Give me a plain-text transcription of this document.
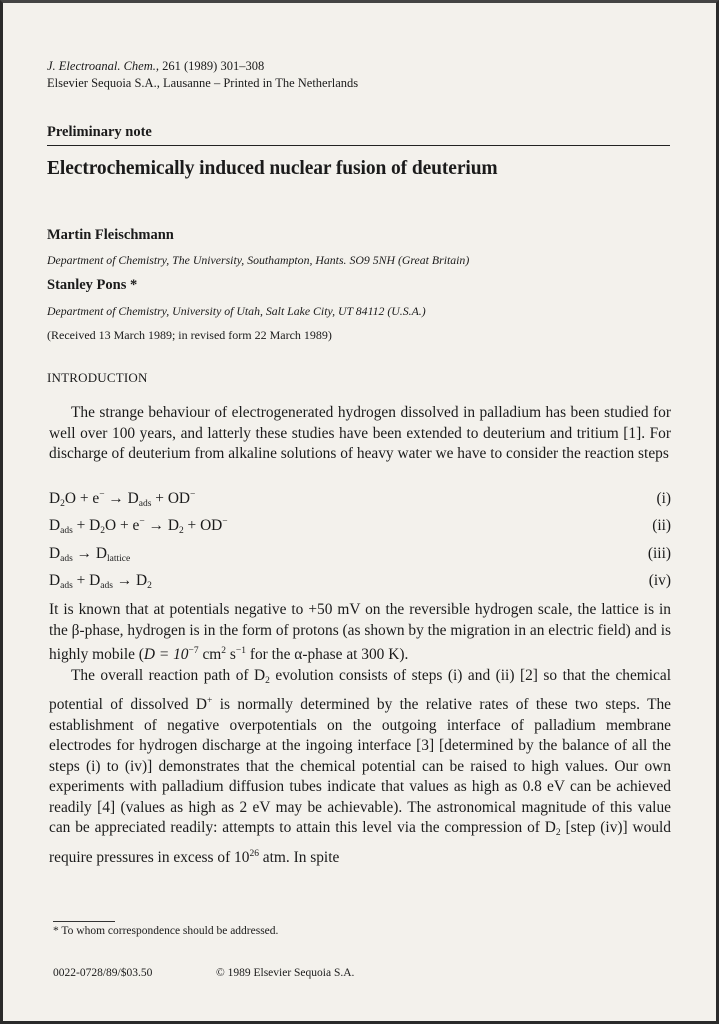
J. Electroanal. Chem., 261 (1989) 301–308
Elsevier Sequoia S.A., Lausanne – Printed in The Netherlands
Preliminary note
Electrochemically induced nuclear fusion of deuterium
Martin Fleischmann
Department of Chemistry, The University, Southampton, Hants. SO9 5NH (Great Britain)
Stanley Pons *
Department of Chemistry, University of Utah, Salt Lake City, UT 84112 (U.S.A.)
(Received 13 March 1989; in revised form 22 March 1989)
INTRODUCTION

The strange behaviour of electrogenerated hydrogen dissolved in palladium has been studied for well over 100 years, and latterly these studies have been extended to deuterium and tritium [1]. For discharge of deuterium from alkaline solutions of heavy water we have to consider the reaction steps

$D_2O + e^- \to D_{ads} + OD^-$	(i)
$D_{ads} + D_2O + e^- \to D_2 + OD^-$	(ii)
$D_{ads} \to D_{lattice}$	(iii)
$D_{ads} + D_{ads} \to D_2$	(iv)

It is known that at potentials negative to +50 mV on the reversible hydrogen scale, the lattice is in the β-phase, hydrogen is in the form of protons (as shown by the migration in an electric field) and is highly mobile ($D = 10^{-7}$ $cm^2$ $s^{-1}$ for the α-phase at 300 K).

The overall reaction path of $D_2$ evolution consists of steps (i) and (ii) [2] so that the chemical potential of dissolved D+ is normally determined by the relative rates of these two steps. The establishment of negative overpotentials on the outgoing interface of palladium membrane electrodes for hydrogen discharge at the ingoing interface [3] [determined by the balance of all the steps (i) to (iv)] demonstrates that the chemical potential can be raised to high values. Our own experiments with palladium diffusion tubes indicate that values as high as 0.8 eV can be achieved readily [4] (values as high as 2 eV may be achievable). The astronomical magnitude of this value can be appreciated readily: attempts to attain this level via the compression of $D_2$ [step (iv)] would require pressures in excess of $10^{26}$ atm. In spite

* To whom correspondence should be addressed.
0022-0728/89/$03.50	© 1989 Elsevier Sequoia S.A.
